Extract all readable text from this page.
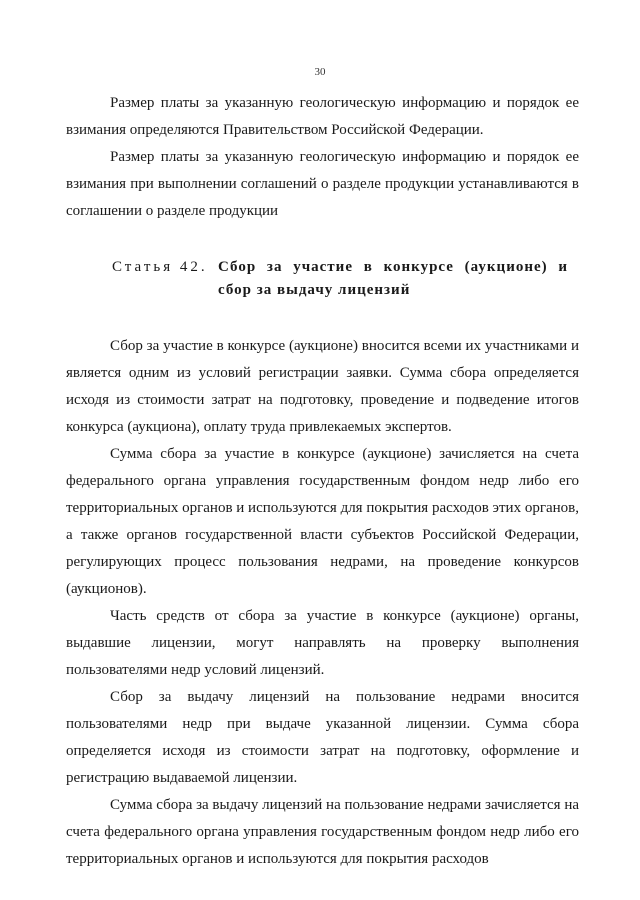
30

Размер платы за указанную геологическую информацию и порядок ее взимания определяются Правительством Российской Федерации.

Размер платы за указанную геологическую информацию и порядок ее взимания при выполнении соглашений о разделе продукции устанавливаются в соглашении о разделе продукции

Статья 42. Сбор за участие в конкурсе (аукционе) и
сбор за выдачу лицензий

Сбор за участие в конкурсе (аукционе) вносится всеми их участниками и является одним из условий регистрации заявки. Сумма сбора определяется исходя из стоимости затрат на подготовку, проведение и подведение итогов конкурса (аукциона), оплату труда привлекаемых экспертов.

Сумма сбора за участие в конкурсе (аукционе) зачисляется на счета федерального органа управления государственным фондом недр либо его территориальных органов и используются для покрытия расходов этих органов, а также органов государственной власти субъектов Российской Федерации, регулирующих процесс пользования недрами, на проведение конкурсов (аукционов).

Часть средств от сбора за участие в конкурсе (аукционе) органы, выдавшие лицензии, могут направлять на проверку выполнения пользователями недр условий лицензий.

Сбор за выдачу лицензий на пользование недрами вносится пользователями недр при выдаче указанной лицензии. Сумма сбора определяется исходя из стоимости затрат на подготовку, оформление и регистрацию выдаваемой лицензии.

Сумма сбора за выдачу лицензий на пользование недрами зачисляется на счета федерального органа управления государственным фондом недр либо его территориальных органов и используются для покрытия расходов
